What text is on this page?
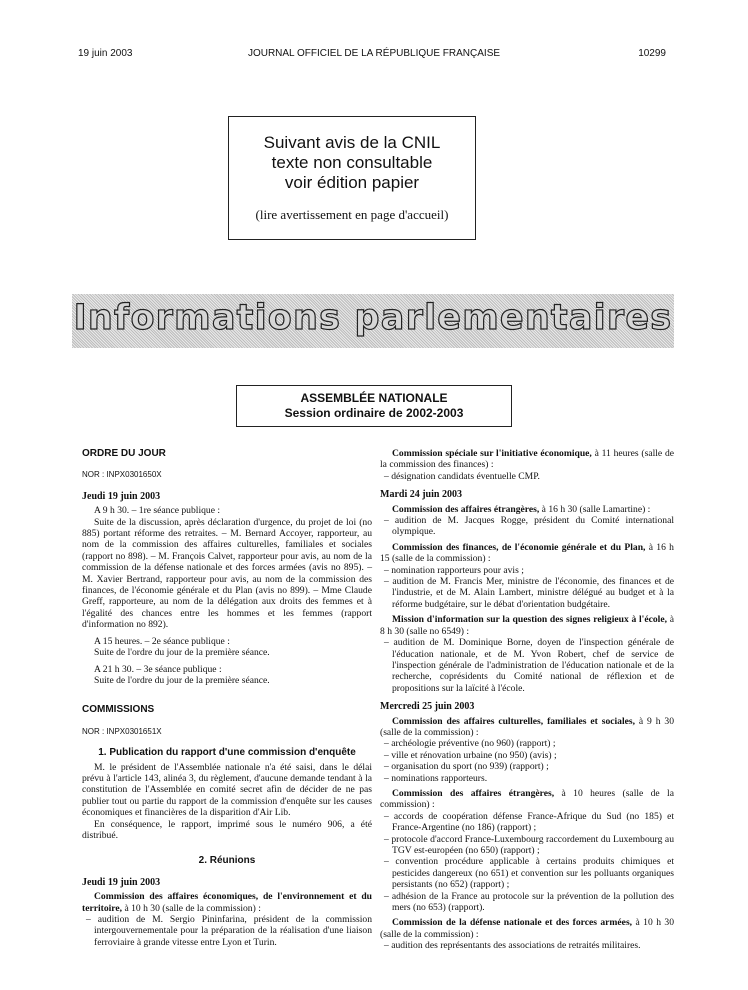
19 juin 2003	JOURNAL OFFICIEL DE LA RÉPUBLIQUE FRANÇAISE	10299
Suivant avis de la CNIL
texte non consultable
voir édition papier
(lire avertissement en page d'accueil)
Informations parlementaires
ASSEMBLÉE NATIONALE
Session ordinaire de 2002-2003

ORDRE DU JOUR

NOR : INPX0301650X

Jeudi 19 juin 2003

A 9 h 30. – 1re séance publique :

Suite de la discussion, après déclaration d'urgence, du projet de loi (no 885) portant réforme des retraites. – M. Bernard Accoyer, rapporteur, au nom de la commission des affaires culturelles, familiales et sociales (rapport no 898). – M. François Calvet, rapporteur pour avis, au nom de la commission de la défense nationale et des forces armées (avis no 895). – M. Xavier Bertrand, rapporteur pour avis, au nom de la commission des finances, de l'économie générale et du Plan (avis no 899). – Mme Claude Greff, rapporteure, au nom de la délégation aux droits des femmes et à l'égalité des chances entre les hommes et les femmes (rapport d'information no 892).

A 15 heures. – 2e séance publique :

Suite de l'ordre du jour de la première séance.

A 21 h 30. – 3e séance publique :

Suite de l'ordre du jour de la première séance.

COMMISSIONS

NOR : INPX0301651X

1. Publication du rapport d'une commission d'enquête

M. le président de l'Assemblée nationale n'a été saisi, dans le délai prévu à l'article 143, alinéa 3, du règlement, d'aucune demande tendant à la constitution de l'Assemblée en comité secret afin de décider de ne pas publier tout ou partie du rapport de la commission d'enquête sur les causes économiques et financières de la disparition d'Air Lib.

En conséquence, le rapport, imprimé sous le numéro 906, a été distribué.

2. Réunions

Jeudi 19 juin 2003

Commission des affaires économiques, de l'environnement et du territoire, à 10 h 30 (salle de la commission) :

– audition de M. Sergio Pininfarina, président de la commission intergouvernementale pour la préparation de la réalisation d'une liaison ferroviaire à grande vitesse entre Lyon et Turin.

Commission spéciale sur l'initiative économique, à 11 heures (salle de la commission des finances) :

– désignation candidats éventuelle CMP.

Mardi 24 juin 2003

Commission des affaires étrangères, à 16 h 30 (salle Lamartine) :

– audition de M. Jacques Rogge, président du Comité international olympique.

Commission des finances, de l'économie générale et du Plan, à 16 h 15 (salle de la commission) :

– nomination rapporteurs pour avis ;

– audition de M. Francis Mer, ministre de l'économie, des finances et de l'industrie, et de M. Alain Lambert, ministre délégué au budget et à la réforme budgétaire, sur le débat d'orientation budgétaire.

Mission d'information sur la question des signes religieux à l'école, à 8 h 30 (salle no 6549) :

– audition de M. Dominique Borne, doyen de l'inspection générale de l'éducation nationale, et de M. Yvon Robert, chef de service de l'inspection générale de l'administration de l'éducation nationale et de la recherche, coprésidents du Comité national de réflexion et de propositions sur la laïcité à l'école.

Mercredi 25 juin 2003

Commission des affaires culturelles, familiales et sociales, à 9 h 30 (salle de la commission) :

– archéologie préventive (no 960) (rapport) ;

– ville et rénovation urbaine (no 950) (avis) ;

– organisation du sport (no 939) (rapport) ;

– nominations rapporteurs.

Commission des affaires étrangères, à 10 heures (salle de la commission) :

– accords de coopération défense France-Afrique du Sud (no 185) et France-Argentine (no 186) (rapport) ;

– protocole d'accord France-Luxembourg raccordement du Luxembourg au TGV est-européen (no 650) (rapport) ;

– convention procédure applicable à certains produits chimiques et pesticides dangereux (no 651) et convention sur les polluants organiques persistants (no 652) (rapport) ;

– adhésion de la France au protocole sur la prévention de la pollution des mers (no 653) (rapport).

Commission de la défense nationale et des forces armées, à 10 h 30 (salle de la commission) :

– audition des représentants des associations de retraités militaires.
